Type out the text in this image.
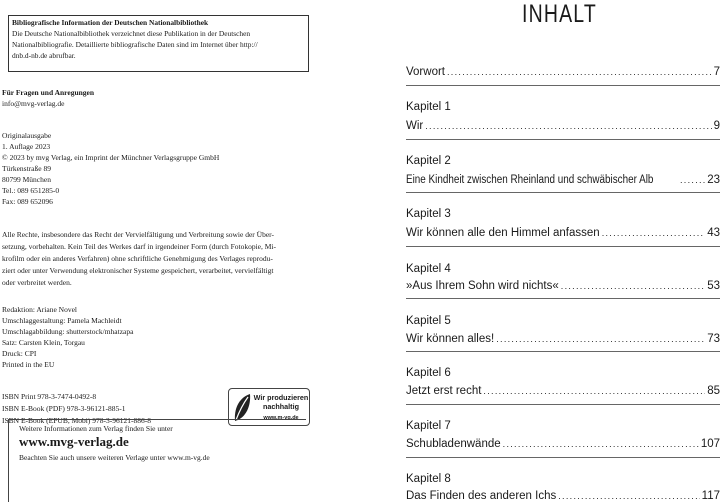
Bibliografische Information der Deutschen Nationalbibliothek
Die Deutsche Nationalbibliothek verzeichnet diese Publikation in der Deutschen
Nationalbibliografie. Detaillierte bibliografische Daten sind im Internet über http://
dnb.d-nb.de abrufbar.
Für Fragen und Anregungen
info@mvg-verlag.de
Originalausgabe
1. Auflage 2023
© 2023 by mvg Verlag, ein Imprint der Münchner Verlagsgruppe GmbH
Türkenstraße 89
80799 München
Tel.: 089 651285-0
Fax: 089 652096
Alle Rechte, insbesondere das Recht der Vervielfältigung und Verbreitung sowie der Über-
setzung, vorbehalten. Kein Teil des Werkes darf in irgendeiner Form (durch Fotokopie, Mi-
krofilm oder ein anderes Verfahren) ohne schriftliche Genehmigung des Verlages reprodu-
ziert oder unter Verwendung elektronischer Systeme gespeichert, verarbeitet, vervielfältigt
oder verbreitet werden.
Redaktion: Ariane Novel
Umschlaggestaltung: Pamela Machleidt
Umschlagabbildung: shutterstock/mhatzapa
Satz: Carsten Klein, Torgau
Druck: CPI
Printed in the EU
ISBN Print 978-3-7474-0492-8
ISBN E-Book (PDF) 978-3-96121-885-1
ISBN E-Book (EPUB, Mobi) 978-3-96121-886-8
Wir produzieren
nachhaltig
www.m-vg.de
Weitere Informationen zum Verlag finden Sie unter
www.mvg-verlag.de
Beachten Sie auch unsere weiteren Verlage unter www.m-vg.de
INHALT
Vorwort . . .	7
Kapitel 1
Wir . . .	9
Kapitel 2
Eine Kindheit zwischen Rheinland und schwäbischer Alb . . .	23
Kapitel 3
Wir können alle den Himmel anfassen . . .	43
Kapitel 4
»Aus Ihrem Sohn wird nichts« . . .	53
Kapitel 5
Wir können alles! . . .	73
Kapitel 6
Jetzt erst recht . . .	85
Kapitel 7
Schubladenwände . . .	107
Kapitel 8
Das Finden des anderen Ichs . . .	117
